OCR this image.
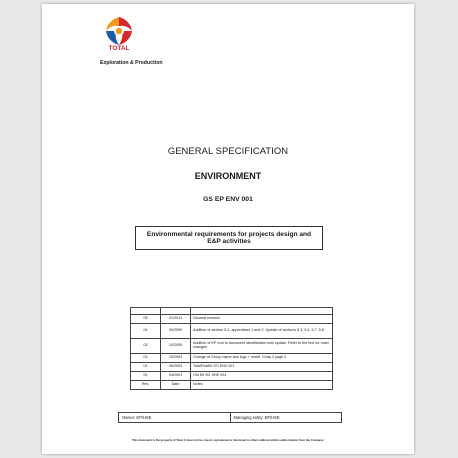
TOTAL
Exploration & Production
GENERAL SPECIFICATION
ENVIRONMENT
GS EP ENV 001
Environmental requirements for projects design and
E&P activities

05	01/2011	General revision
04	09/2009	Addition of section 5.2, appendixes 1 and 2. Update of sections 5.3, 5.4, 5.7, 5.8
03	10/2005	Addition of EP root to document identification and update. Refer to the text for main changes
02	10/2003	Change of Group name and logo + modif. Chap.2 page 4
01	05/2003	TotalFinaElf GS ENV 001
00	04/2001	Old Elf SG SHE 004
Rev.	Date	Notes
Owner: EP/HSE	Managing entity: EP/HSE
This document is the property of Total. It must not be stored, reproduced or disclosed to others without written authorisation from the Company.
